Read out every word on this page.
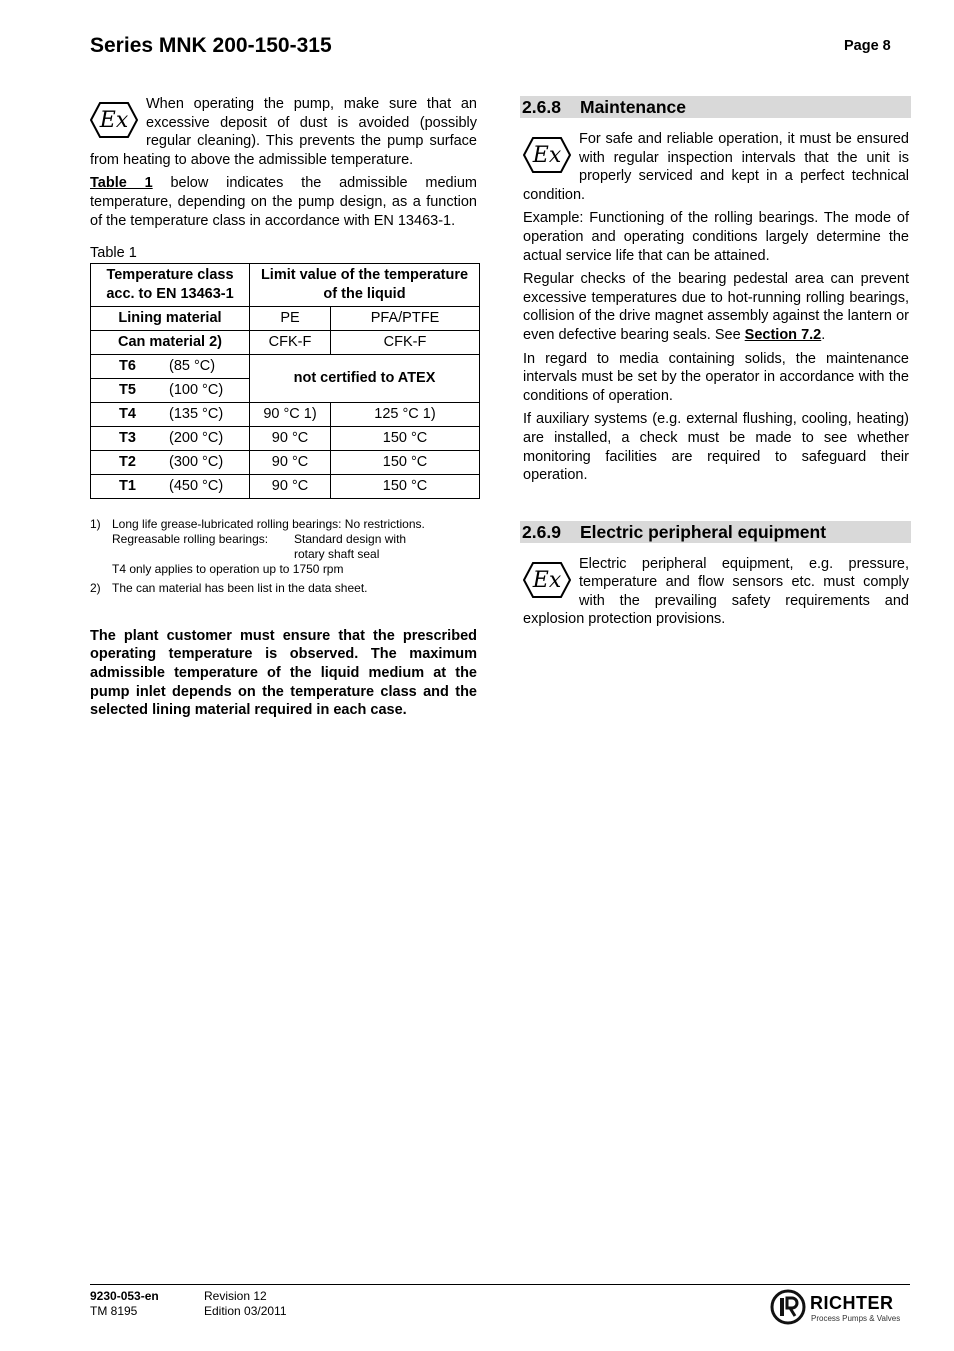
Series MNK 200-150-315	Page 8

Ex
When operating the pump, make sure that an excessive deposit of dust is avoided (possibly regular cleaning). This prevents the pump surface from heating to above the admissible temperature.

Table 1 below indicates the admissible medium temperature, depending on the pump design, as a function of the temperature class in accordance with EN 13463-1.

Table 1
Temperature class acc. to EN 13463-1	Limit value of the temperature of the liquid	
Lining material	PE	PFA/PTFE
Can material 2)	CFK-F	CFK-F
T6 (85 °C)	not certified to ATEX	
T5 (100 °C)		
T4 (135 °C)	90 °C 1)	125 °C 1)
T3 (200 °C)	90 °C	150 °C
T2 (300 °C)	90 °C	150 °C
T1 (450 °C)	90 °C	150 °C
1) Long life grease-lubricated rolling bearings: No restrictions.
Regreasable rolling bearings:	Standard design with
rotary shaft seal
T4 only applies to operation up to 1750 rpm
2) The can material has been list in the data sheet.

The plant customer must ensure that the prescribed operating temperature is observed. The maximum admissible temperature of the liquid medium at the pump inlet depends on the temperature class and the selected lining material required in each case.

2.6.8 Maintenance

Ex
For safe and reliable operation, it must be ensured with regular inspection intervals that the unit is properly serviced and kept in a perfect technical condition.

Example: Functioning of the rolling bearings. The mode of operation and operating conditions largely determine the actual service life that can be attained.

Regular checks of the bearing pedestal area can prevent excessive temperatures due to hot-running rolling bearings, collision of the drive magnet assembly against the lantern or even defective bearing seals. See Section 7.2.

In regard to media containing solids, the maintenance intervals must be set by the operator in accordance with the conditions of operation.

If auxiliary systems (e.g. external flushing, cooling, heating) are installed, a check must be made to see whether monitoring facilities are required to safeguard their operation.

2.6.9 Electric peripheral equipment

Ex
Electric peripheral equipment, e.g. pressure, temperature and flow sensors etc. must comply with the prevailing safety requirements and explosion protection provisions.

9230-053-en
TM 8195
Revision 12
Edition 03/2011	RICHTER
Process Pumps & Valves
